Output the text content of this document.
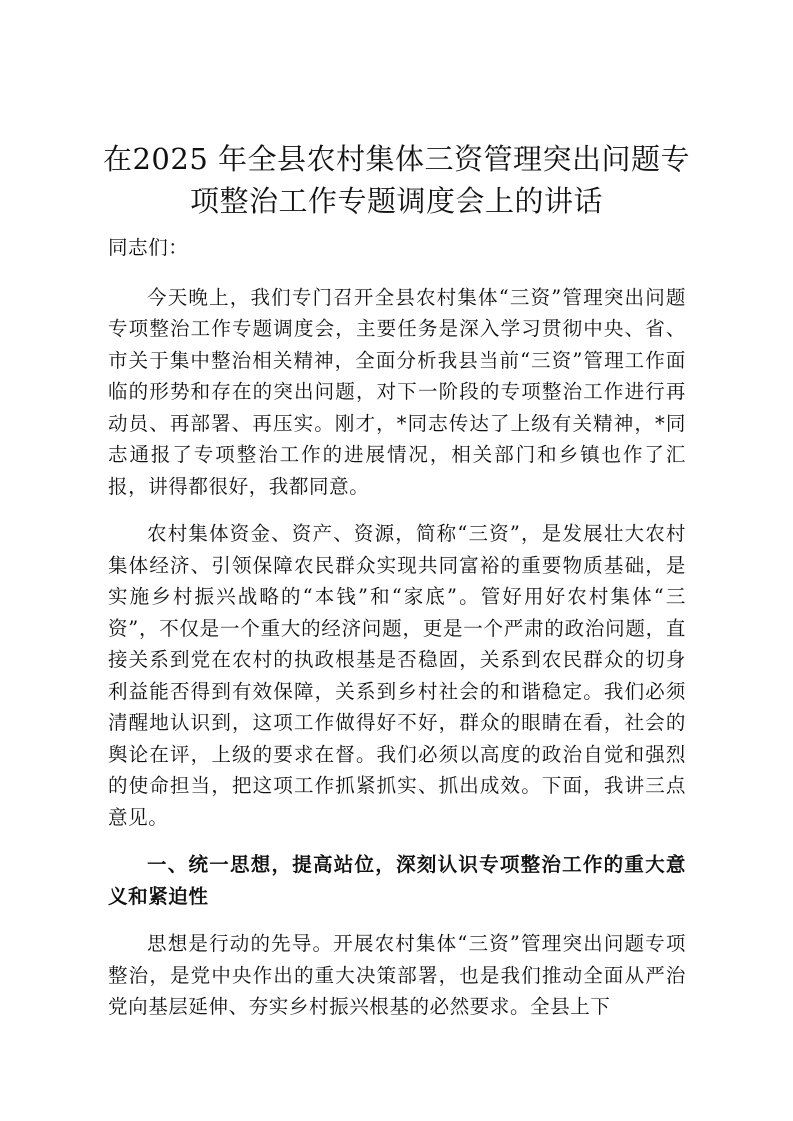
在2025 年全县农村集体三资管理突出问题专
项整治工作专题调度会上的讲话

同志们：

今天晚上，我们专门召开全县农村集体“三资”管理突出问题专项整治工作专题调度会，主要任务是深入学习贯彻中央、省、市关于集中整治相关精神，全面分析我县当前“三资”管理工作面临的形势和存在的突出问题，对下一阶段的专项整治工作进行再动员、再部署、再压实。刚才，*同志传达了上级有关精神，*同志通报了专项整治工作的进展情况，相关部门和乡镇也作了汇报，讲得都很好，我都同意。

农村集体资金、资产、资源，简称“三资”，是发展壮大农村集体经济、引领保障农民群众实现共同富裕的重要物质基础，是实施乡村振兴战略的“本钱”和“家底”。管好用好农村集体“三资”，不仅是一个重大的经济问题，更是一个严肃的政治问题，直接关系到党在农村的执政根基是否稳固，关系到农民群众的切身利益能否得到有效保障，关系到乡村社会的和谐稳定。我们必须清醒地认识到，这项工作做得好不好，群众的眼睛在看，社会的舆论在评，上级的要求在督。我们必须以高度的政治自觉和强烈的使命担当，把这项工作抓紧抓实、抓出成效。下面，我讲三点意见。

一、统一思想，提高站位，深刻认识专项整治工作的重大意义和紧迫性

思想是行动的先导。开展农村集体“三资”管理突出问题专项整治，是党中央作出的重大决策部署，也是我们推动全面从严治党向基层延伸、夯实乡村振兴根基的必然要求。全县上下
